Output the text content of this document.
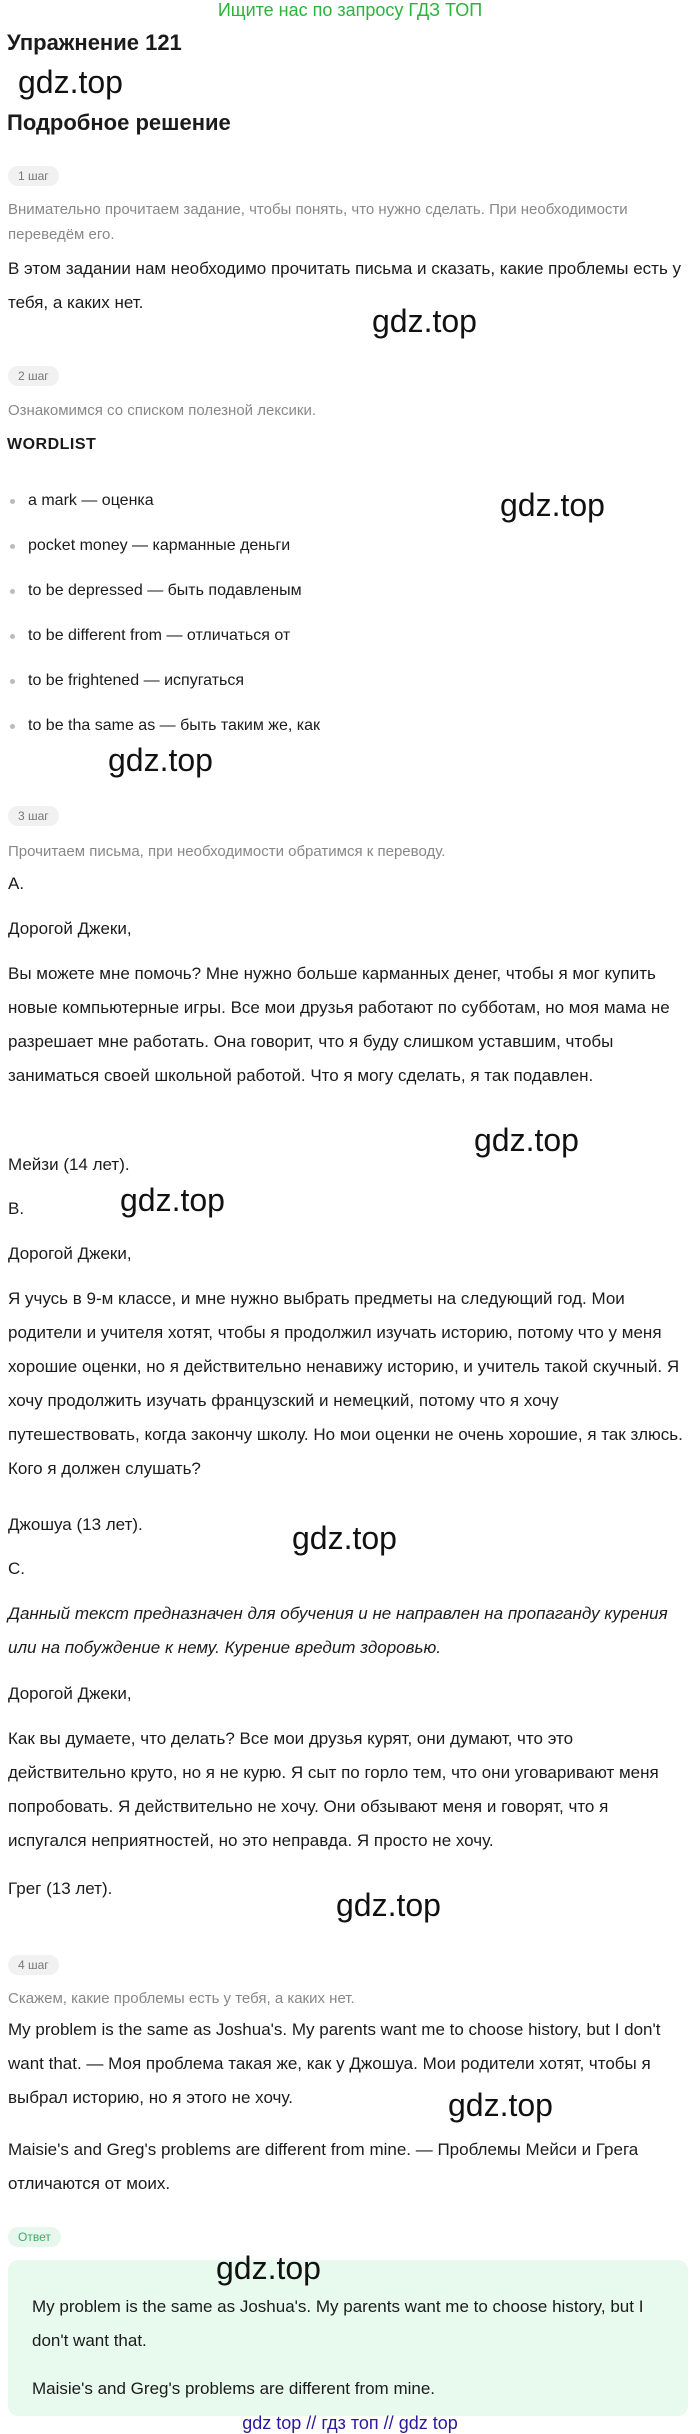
Ищите нас по запросу ГДЗ ТОП
Упражнение 121
gdz.top
Подробное решение
1 шаг
Внимательно прочитаем задание, чтобы понять, что нужно сделать. При необходимости переведём его.
В этом задании нам необходимо прочитать письма и сказать, какие проблемы есть у тебя, а каких нет.
gdz.top
2 шаг
Ознакомимся со списком полезной лексики.
WORDLIST
gdz.top
a mark — оценка
pocket money — карманные деньги
to be depressed — быть подавленым
to be different from — отличаться от
to be frightened — испугаться
to be tha same as — быть таким же, как
gdz.top
3 шаг
Прочитаем письма, при необходимости обратимся к переводу.
А.
Дорогой Джеки,
Вы можете мне помочь? Мне нужно больше карманных денег, чтобы я мог купить новые компьютерные игры. Все мои друзья работают по субботам, но моя мама не разрешает мне работать. Она говорит, что я буду слишком уставшим, чтобы заниматься своей школьной работой. Что я могу сделать, я так подавлен.
Мейзи (14 лет).
gdz.top
gdz.top
В.
Дорогой Джеки,
Я учусь в 9-м классе, и мне нужно выбрать предметы на следующий год. Мои родители и учителя хотят, чтобы я продолжил изучать историю, потому что у меня хорошие оценки, но я действительно ненавижу историю, и учитель такой скучный. Я хочу продолжить изучать французский и немецкий, потому что я хочу путешествовать, когда закончу школу. Но мои оценки не очень хорошие, я так злюсь. Кого я должен слушать?
Джошуа (13 лет).	gdz.top
С.
Данный текст предназначен для обучения и не направлен на пропаганду курения или на побуждение к нему. Курение вредит здоровью.
Дорогой Джеки,
Как вы думаете, что делать? Все мои друзья курят, они думают, что это действительно круто, но я не курю. Я сыт по горло тем, что они уговаривают меня попробовать. Я действительно не хочу. Они обзывают меня и говорят, что я испугался неприятностей, но это неправда. Я просто не хочу.
Грег (13 лет).	gdz.top
4 шаг
Скажем, какие проблемы есть у тебя, а каких нет.
My problem is the same as Joshua's. My parents want me to choose history, but I don't want that. — Моя проблема такая же, как у Джошуа. Мои родители хотят, чтобы я выбрал историю, но я этого не хочу.	gdz.top
Maisie's and Greg's problems are different from mine. — Проблемы Мейси и Грега отличаются от моих.
Ответ
My problem is the same as Joshua's. My parents want me to choose history, but I don't want that.
Maisie's and Greg's problems are different from mine.
gdz.top
gdz top // гдз топ // gdz top
